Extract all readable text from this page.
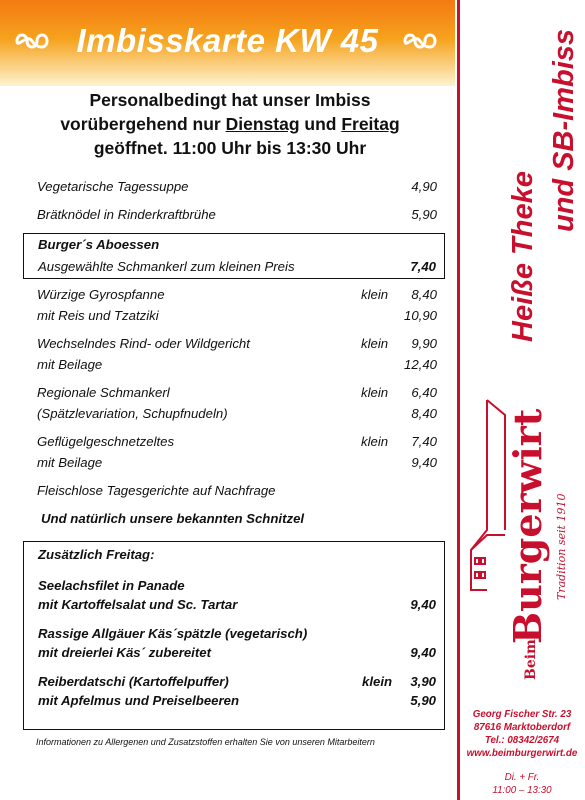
Imbisskarte KW 45
Personalbedingt hat unser Imbiss
vorübergehend nur Dienstag und Freitag
geöffnet. 11:00 Uhr bis 13:30 Uhr
Vegetarische Tagessuppe	4,90
Brätknödel in Rinderkraftbrühe	5,90
Burger´s Aboessen
Ausgewählte Schmankerl zum kleinen Preis	7,40
Würzige Gyrospfanne	klein 8,40
mit Reis und Tzatziki	10,90
Wechselndes Rind- oder Wildgericht	klein 9,90
mit Beilage	12,40
Regionale Schmankerl	klein 6,40
(Spätzlevariation, Schupfnudeln)	8,40
Geflügelgeschnetzeltes	klein 7,40
mit Beilage	9,40
Fleischlose Tagesgerichte auf Nachfrage
Und natürlich unsere bekannten Schnitzel
Zusätzlich Freitag:
Seelachsfilet in Panade
mit Kartoffelsalat und Sc. Tartar	9,40
Rassige Allgäuer Käs´spätzle (vegetarisch)
mit dreierlei Käs´ zubereitet	9,40
Reiberdatschi (Kartoffelpuffer)	klein 3,90
mit Apfelmus und Preiselbeeren	5,90
Informationen zu Allergenen und Zusatzstoffen erhalten Sie von unseren Mitarbeitern
und SB-Imbiss
Heiße Theke
Beim
Burgerwirt Tradition seit 1910
Georg Fischer Str. 23
87616 Marktoberdorf
Tel.: 08342/2674
www.beimburgerwirt.de
Di. + Fr.
11:00 – 13:30
